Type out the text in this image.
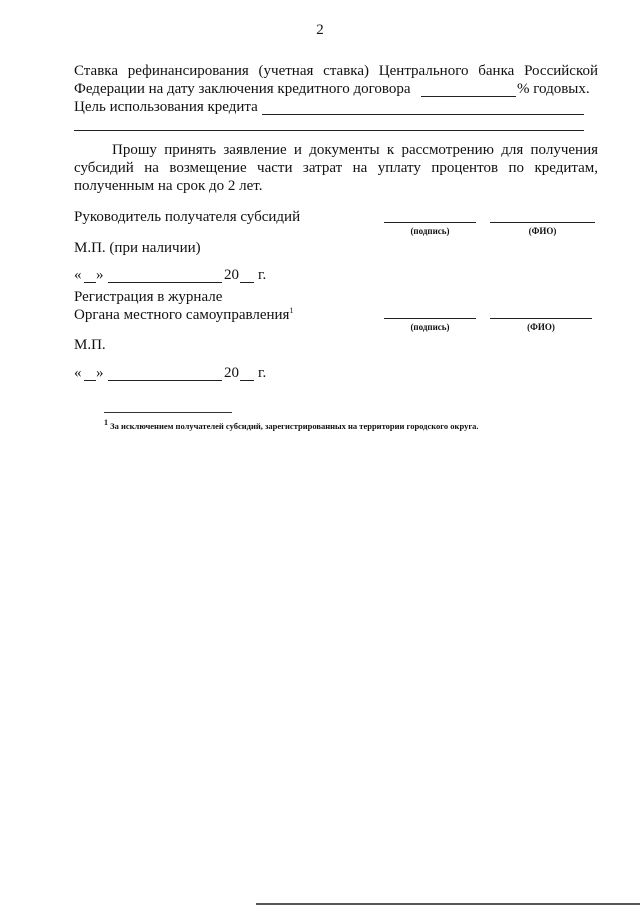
2
Ставка рефинансирования (учетная ставка) Центрального банка Российской
Федерации на дату заключения кредитного договора	% годовых.
Цель использования кредита
Прошу принять заявление и документы к рассмотрению для получения
субсидий на возмещение части затрат на уплату процентов по кредитам,
полученным на срок до 2 лет.
Руководитель получателя субсидий
(подпись)	(ФИО)
М.П. (при наличии)
« »	20 г.
Регистрация в журнале
Органа местного самоуправления$^1$
(подпись)	(ФИО)
М.П.
« »	20 г.
$^1$ За исключением получателей субсидий, зарегистрированных на территории городского округа.
